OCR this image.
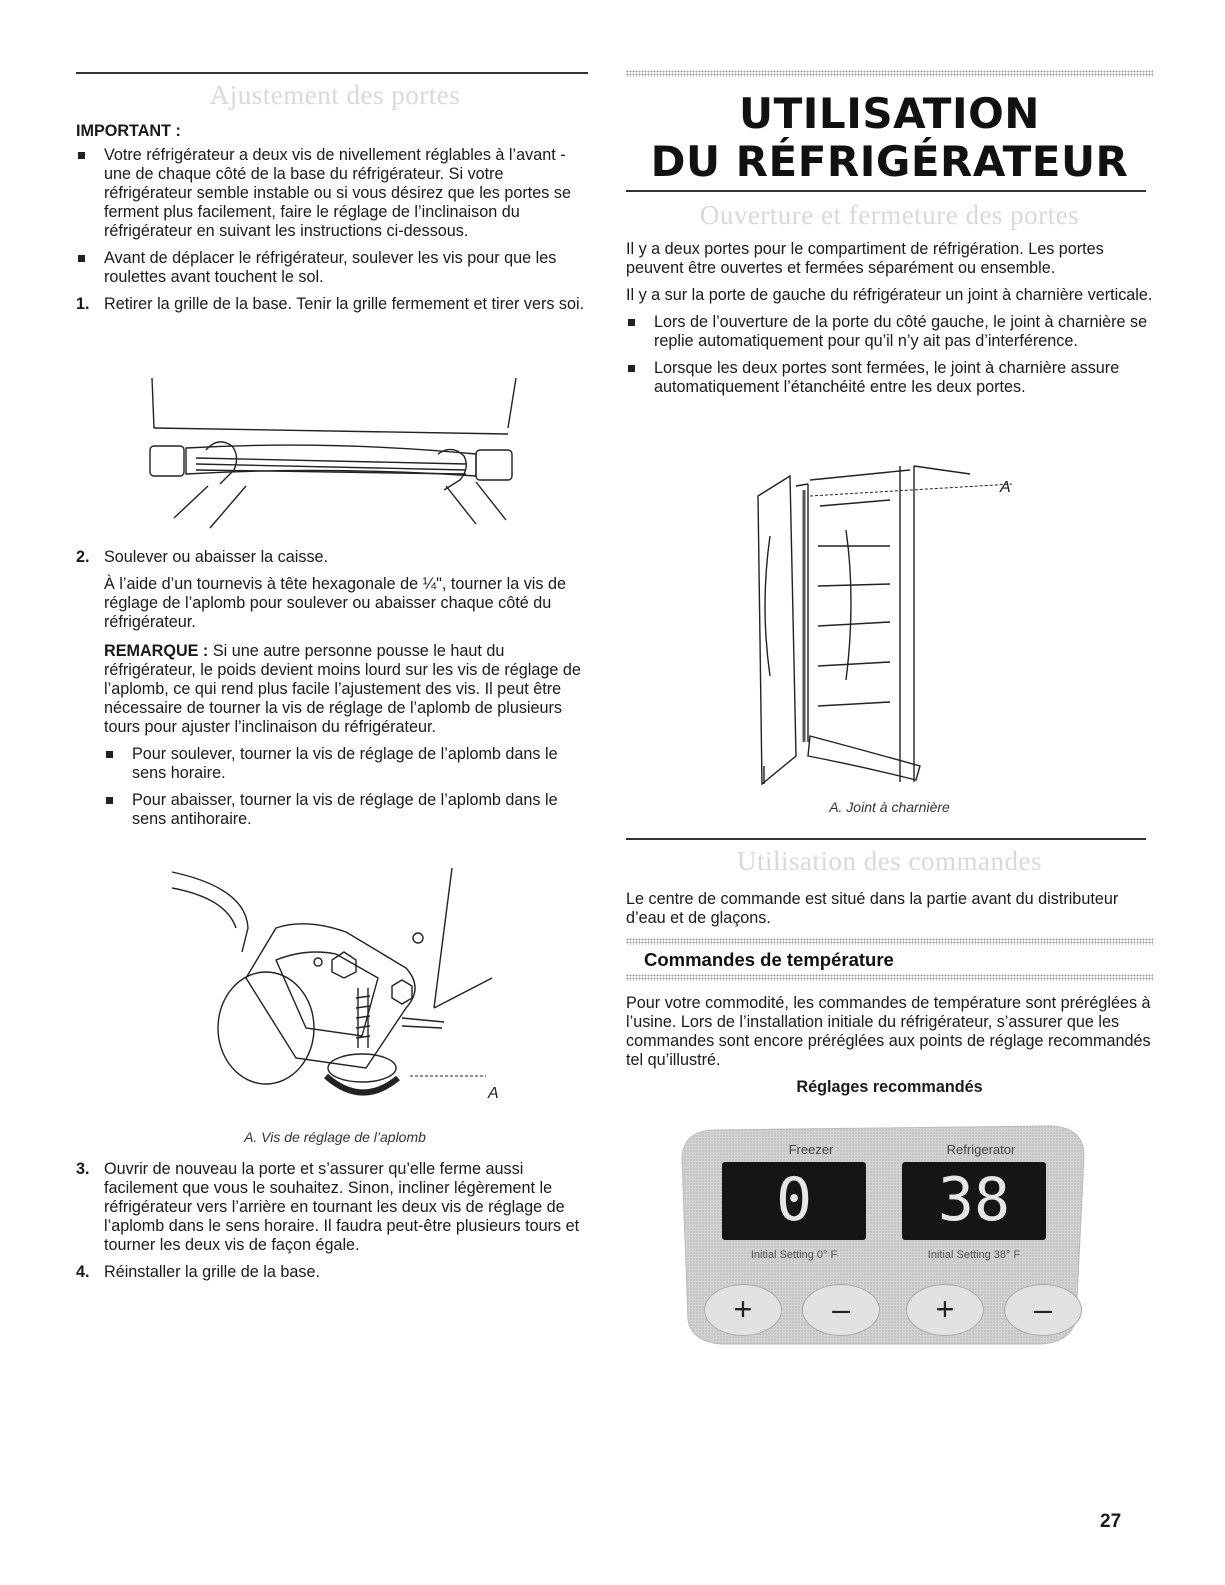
Ajustement des portes

IMPORTANT :

Votre réfrigérateur a deux vis de nivellement réglables à l’avant - une de chaque côté de la base du réfrigérateur. Si votre réfrigérateur semble instable ou si vous désirez que les portes se ferment plus facilement, faire le réglage de l’inclinaison du réfrigérateur en suivant les instructions ci-dessous.

Avant de déplacer le réfrigérateur, soulever les vis pour que les roulettes avant touchent le sol.

1. Retirer la grille de la base. Tenir la grille fermement et tirer vers soi.

2. Soulever ou abaisser la caisse.

À l’aide d’un tournevis à tête hexagonale de ¼", tourner la vis de réglage de l’aplomb pour soulever ou abaisser chaque côté du réfrigérateur.

REMARQUE : Si une autre personne pousse le haut du réfrigérateur, le poids devient moins lourd sur les vis de réglage de l’aplomb, ce qui rend plus facile l’ajustement des vis. Il peut être nécessaire de tourner la vis de réglage de l’aplomb de plusieurs tours pour ajuster l’inclinaison du réfrigérateur.

Pour soulever, tourner la vis de réglage de l’aplomb dans le sens horaire.

Pour abaisser, tourner la vis de réglage de l’aplomb dans le sens antihoraire.

A
A. Vis de réglage de l’aplomb

3. Ouvrir de nouveau la porte et s’assurer qu’elle ferme aussi facilement que vous le souhaitez. Sinon, incliner légèrement le réfrigérateur vers l’arrière en tournant les deux vis de réglage de l’aplomb dans le sens horaire. Il faudra peut-être plusieurs tours et tourner les deux vis de façon égale.

4. Réinstaller la grille de la base.

UTILISATION
DU RÉFRIGÉRATEUR
Ouverture et fermeture des portes

Il y a deux portes pour le compartiment de réfrigération. Les portes peuvent être ouvertes et fermées séparément ou ensemble.

Il y a sur la porte de gauche du réfrigérateur un joint à charnière verticale.

Lors de l’ouverture de la porte du côté gauche, le joint à charnière se replie automatiquement pour qu’il n’y ait pas d’interférence.

Lorsque les deux portes sont fermées, le joint à charnière assure automatiquement l’étanchéité entre les deux portes.

A
A. Joint à charnière
Utilisation des commandes
Le centre de commande est situé dans la partie avant du distributeur d’eau et de glaçons.
Commandes de température
Pour votre commodité, les commandes de température sont préréglées à l’usine. Lors de l’installation initiale du réfrigérateur, s’assurer que les commandes sont encore préréglées aux points de réglage recommandés tel qu’illustré.
Réglages recommandés
Freezer	Refrigerator
0	38
Initial Setting 0° F	Initial Setting 38° F
+	–	+	–
27
